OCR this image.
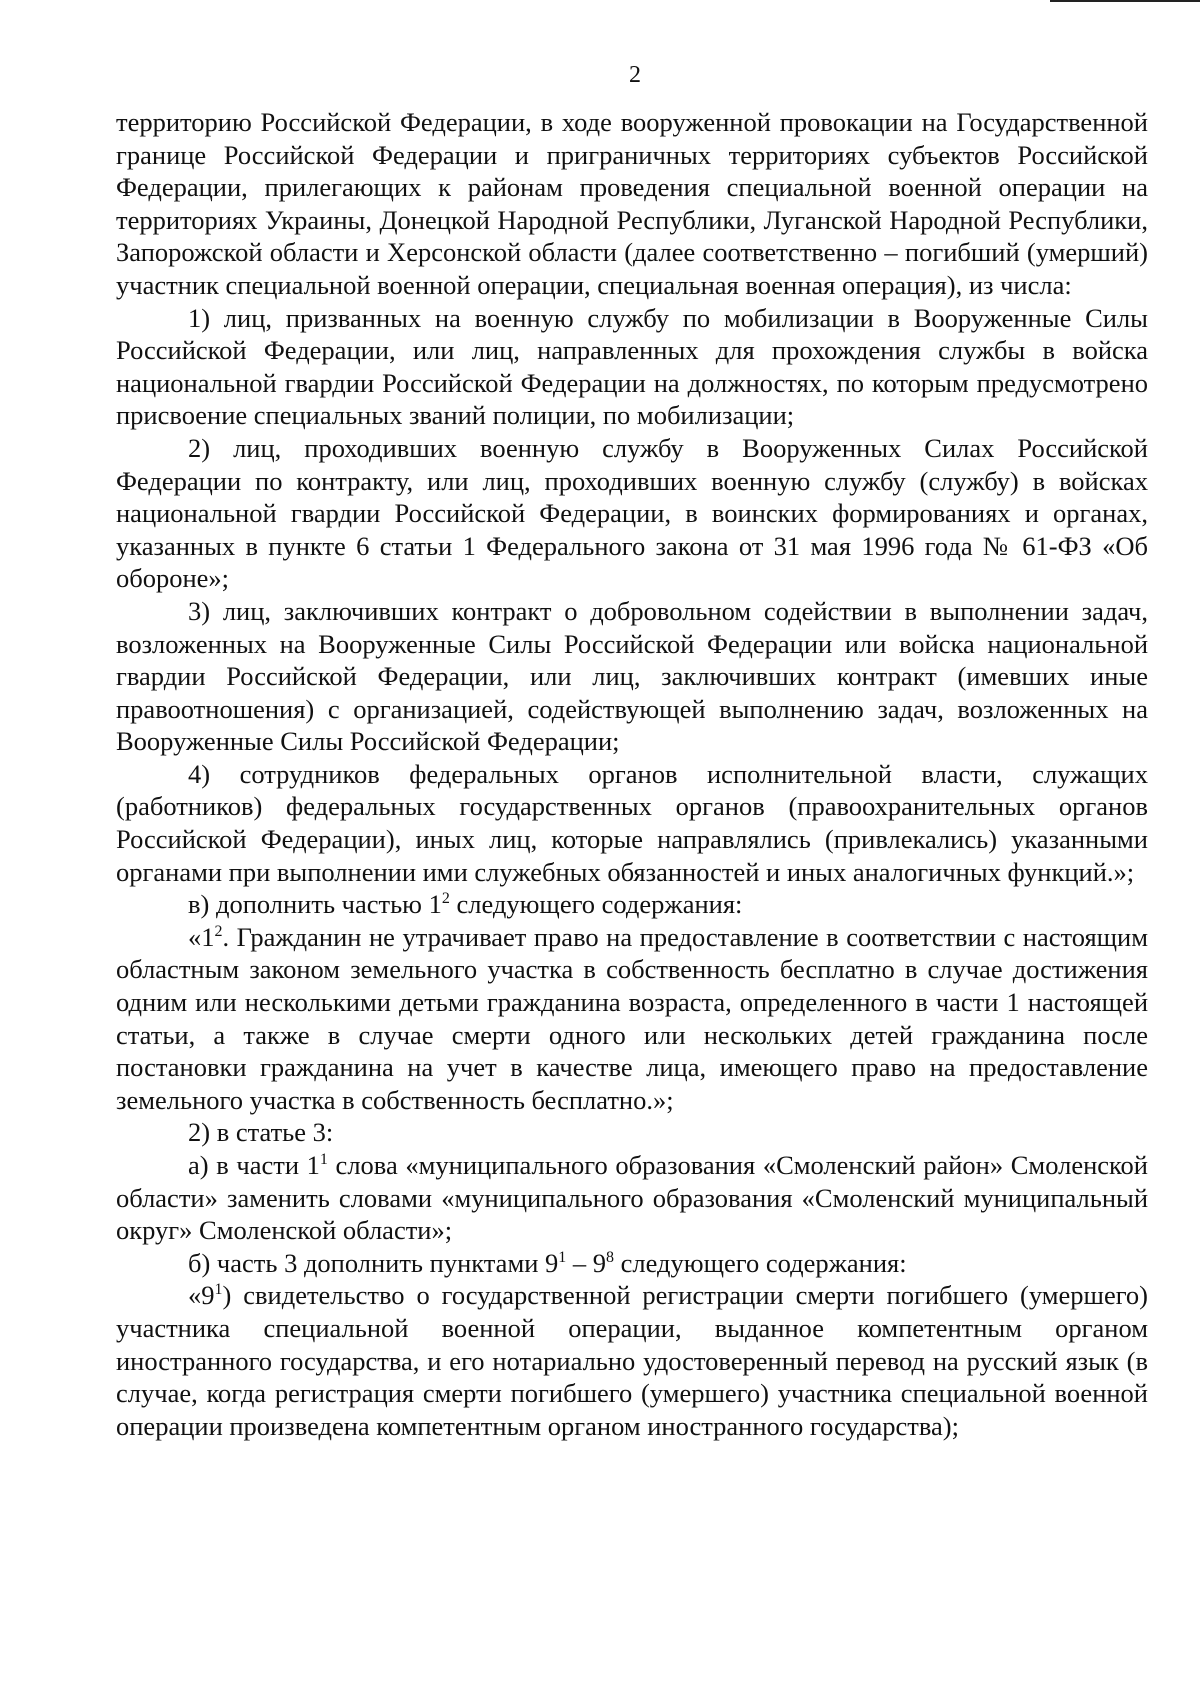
2

территорию Российской Федерации, в ходе вооруженной провокации на Государственной границе Российской Федерации и приграничных территориях субъектов Российской Федерации, прилегающих к районам проведения специальной военной операции на территориях Украины, Донецкой Народной Республики, Луганской Народной Республики, Запорожской области и Херсонской области (далее соответственно – погибший (умерший) участник специальной военной операции, специальная военная операция), из числа:

1) лиц, призванных на военную службу по мобилизации в Вооруженные Силы Российской Федерации, или лиц, направленных для прохождения службы в войска национальной гвардии Российской Федерации на должностях, по которым предусмотрено присвоение специальных званий полиции, по мобилизации;

2) лиц, проходивших военную службу в Вооруженных Силах Российской Федерации по контракту, или лиц, проходивших военную службу (службу) в войсках национальной гвардии Российской Федерации, в воинских формированиях и органах, указанных в пункте 6 статьи 1 Федерального закона от 31 мая 1996 года № 61-ФЗ «Об обороне»;

3) лиц, заключивших контракт о добровольном содействии в выполнении задач, возложенных на Вооруженные Силы Российской Федерации или войска национальной гвардии Российской Федерации, или лиц, заключивших контракт (имевших иные правоотношения) с организацией, содействующей выполнению задач, возложенных на Вооруженные Силы Российской Федерации;

4) сотрудников федеральных органов исполнительной власти, служащих (работников) федеральных государственных органов (правоохранительных органов Российской Федерации), иных лиц, которые направлялись (привлекались) указанными органами при выполнении ими служебных обязанностей и иных аналогичных функций.»;

в) дополнить частью $1^2$ следующего содержания:

«$1^2$. Гражданин не утрачивает право на предоставление в соответствии с настоящим областным законом земельного участка в собственность бесплатно в случае достижения одним или несколькими детьми гражданина возраста, определенного в части 1 настоящей статьи, а также в случае смерти одного или нескольких детей гражданина после постановки гражданина на учет в качестве лица, имеющего право на предоставление земельного участка в собственность бесплатно.»;

2) в статье 3:

а) в части $1^1$ слова «муниципального образования «Смоленский район» Смоленской области» заменить словами «муниципального образования «Смоленский муниципальный округ» Смоленской области»;

б) часть 3 дополнить пунктами $9^1 - 9^8$ следующего содержания:

«$9^1$) свидетельство о государственной регистрации смерти погибшего (умершего) участника специальной военной операции, выданное компетентным органом иностранного государства, и его нотариально удостоверенный перевод на русский язык (в случае, когда регистрация смерти погибшего (умершего) участника специальной военной операции произведена компетентным органом иностранного государства);
